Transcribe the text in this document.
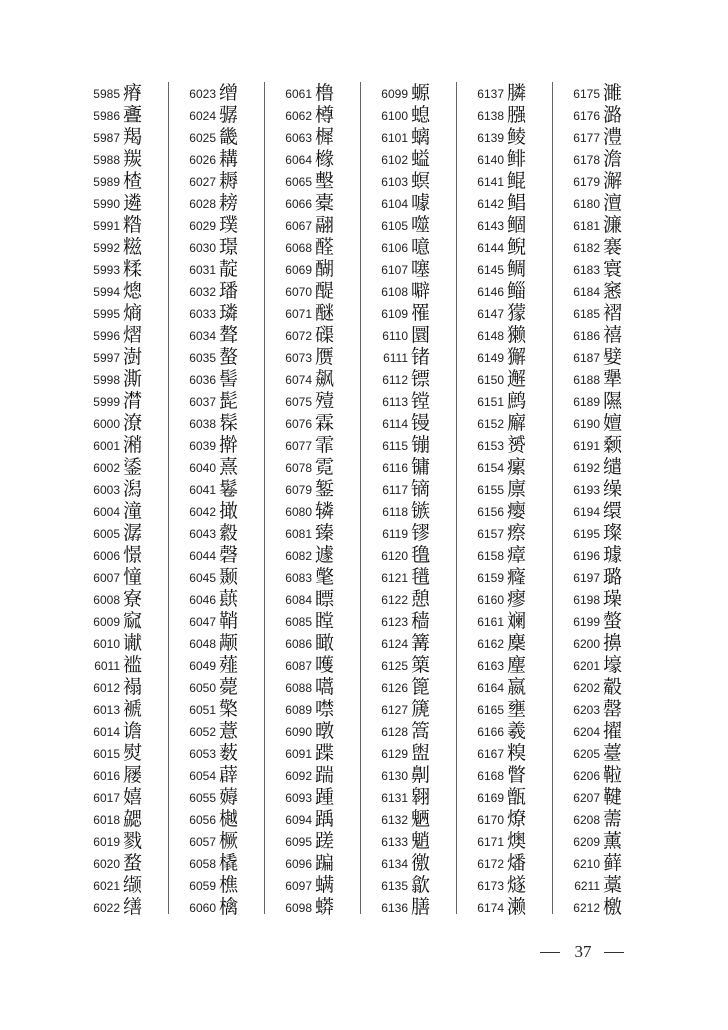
5985 瘠
5986 斖
5987 羯
5988 羰
5989 楂
5990 遴
5991 糌
5992 糍
5993 糅
5994 熜
5995 熵
5996 熠
5997 澍
5998 澌
5999 潸
6000 潦
6001 潲
6002 鋈
6003 潟
6004 潼
6005 潺
6006 憬
6007 憧
6008 寮
6009 窳
6010 谳
6011 褴
6012 褟
6013 褫
6014 谵
6015 熨
6016 屦
6017 嬉
6018 勰
6019 戮
6020 蝥
6021 缬
6022 缮
6023 缯
6024 骣
6025 畿
6026 耩
6027 耨
6028 耪
6029 璞
6030 璟
6031 靛
6032 璠
6033 璘
6034 聱
6035 螯
6036 髻
6037 髭
6038 髹
6039 擀
6040 熹
6041 鬈
6042 撖
6043 縠
6044 磬
6045 颞
6046 蕻
6047 鞘
6048 颟
6049 薤
6050 薨
6051 檠
6052 薏
6053 薮
6054 薜
6055 薅
6056 樾
6057 橛
6058 橇
6059 樵
6060 檎
6061 橹
6062 樽
6063 樨
6064 橼
6065 墼
6066 橐
6067 翮
6068 醛
6069 醐
6070 醍
6071 醚
6072 磲
6073 赝
6074 飙
6075 殪
6076 霖
6077 霏
6078 霓
6079 錾
6080 辚
6081 臻
6082 遽
6083 氅
6084 瞟
6085 瞠
6086 瞰
6087 嚄
6088 嚆
6089 噤
6090 暾
6091 蹀
6092 踹
6093 踵
6094 踽
6095 蹉
6096 蹁
6097 螨
6098 蟒
6099 螈
6100 螅
6101 螭
6102 螠
6103 螟
6104 噱
6105 噬
6106 噫
6107 噻
6108 噼
6109 罹
6110 圜
6111 锗
6112 镖
6113 镗
6114 镘
6115 镚
6116 镛
6117 镝
6118 镞
6119 镠
6120 氇
6121 氆
6122 憩
6123 穑
6124 篝
6125 篥
6126 篦
6127 篪
6128 篙
6129 盥
6130 劓
6131 翱
6132 魉
6133 魈
6134 徼
6135 歙
6136 膳
6137 膦
6138 膙
6139 鲮
6140 鲱
6141 鲲
6142 鲳
6143 鲴
6144 鲵
6145 鲷
6146 鲻
6147 獴
6148 獭
6149 獬
6150 邂
6151 鹧
6152 廨
6153 赟
6154 瘰
6155 廪
6156 瘿
6157 瘵
6158 瘴
6159 癃
6160 瘳
6161 斓
6162 麇
6163 麈
6164 嬴
6165 壅
6166 羲
6167 糗
6168 瞥
6169 甑
6170 燎
6171 燠
6172 燔
6173 燧
6174 濑
6175 濉
6176 潞
6177 澧
6178 澹
6179 澥
6180 澶
6181 濂
6182 褰
6183 寰
6184 窸
6185 褶
6186 禧
6187 嬖
6188 犟
6189 隰
6190 嬗
6191 颡
6192 缱
6193 缲
6194 缳
6195 璨
6196 璩
6197 璐
6198 璪
6199 螫
6200 擤
6201 壕
6202 觳
6203 罄
6204 擢
6205 薹
6206 鞡
6207 鞬
6208 薷
6209 薰
6210 藓
6211 藁
6212 檄
37
